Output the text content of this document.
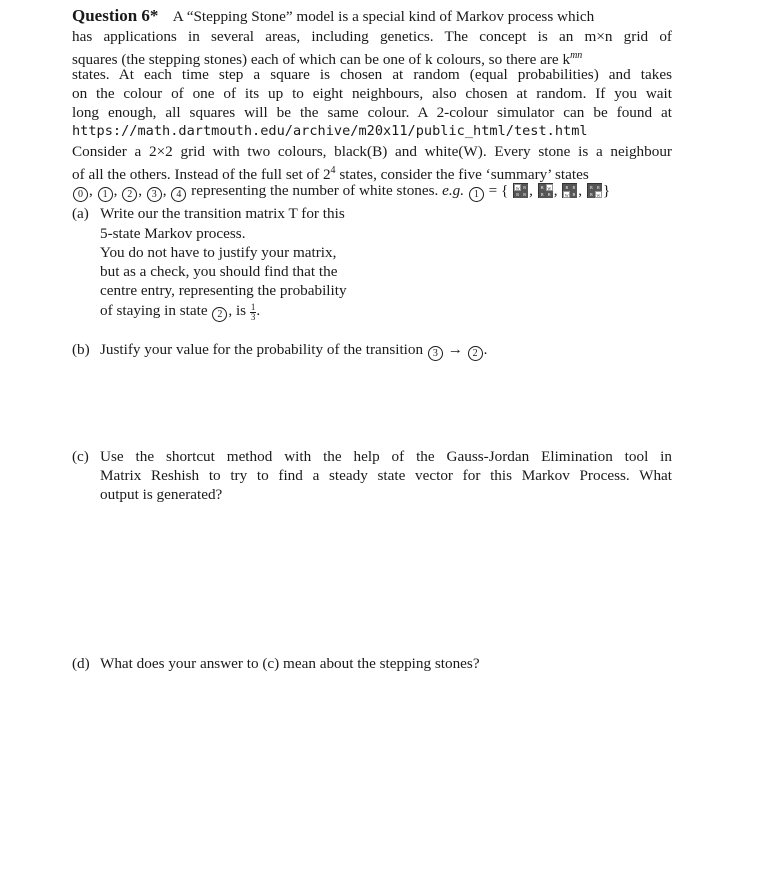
Question 6* A “Stepping Stone” model is a special kind of Markov process which
has applications in several areas, including genetics. The concept is an m×n grid of
squares (the stepping stones) each of which can be one of k colours, so there are $k^{mn}$
states. At each time step a square is chosen at random (equal probabilities) and takes
on the colour of one of its up to eight neighbours, also chosen at random. If you wait
long enough, all squares will be the same colour. A 2-colour simulator can be found at
https://math.dartmouth.edu/archive/m20x11/public_html/test.html
Consider a 2×2 grid with two colours, black(B) and white(W). Every stone is a neighbour
of all the others. Instead of the full set of $2^4$ states, consider the five ‘summary’ states
0 , 1 , 2 , 3 , 4 representing the number of white stones. e.g. 1 = { W B
B	B ,	B W
B	B ,	B	B
W B ,	B	B
B W }
(a) Write our the transition matrix T for this
5-state Markov process.
You do not have to justify your matrix,
but as a check, you should find that the
centre entry, representing the probability
of staying in state 2 , is $\frac{1}{3}$ .
(b) Justify your value for the probability of the transition 3 → 2 .
(c) Use the shortcut method with the help of the Gauss-Jordan Elimination tool in
Matrix Reshish to try to find a steady state vector for this Markov Process. What
output is generated?
(d) What does your answer to (c) mean about the stepping stones?
